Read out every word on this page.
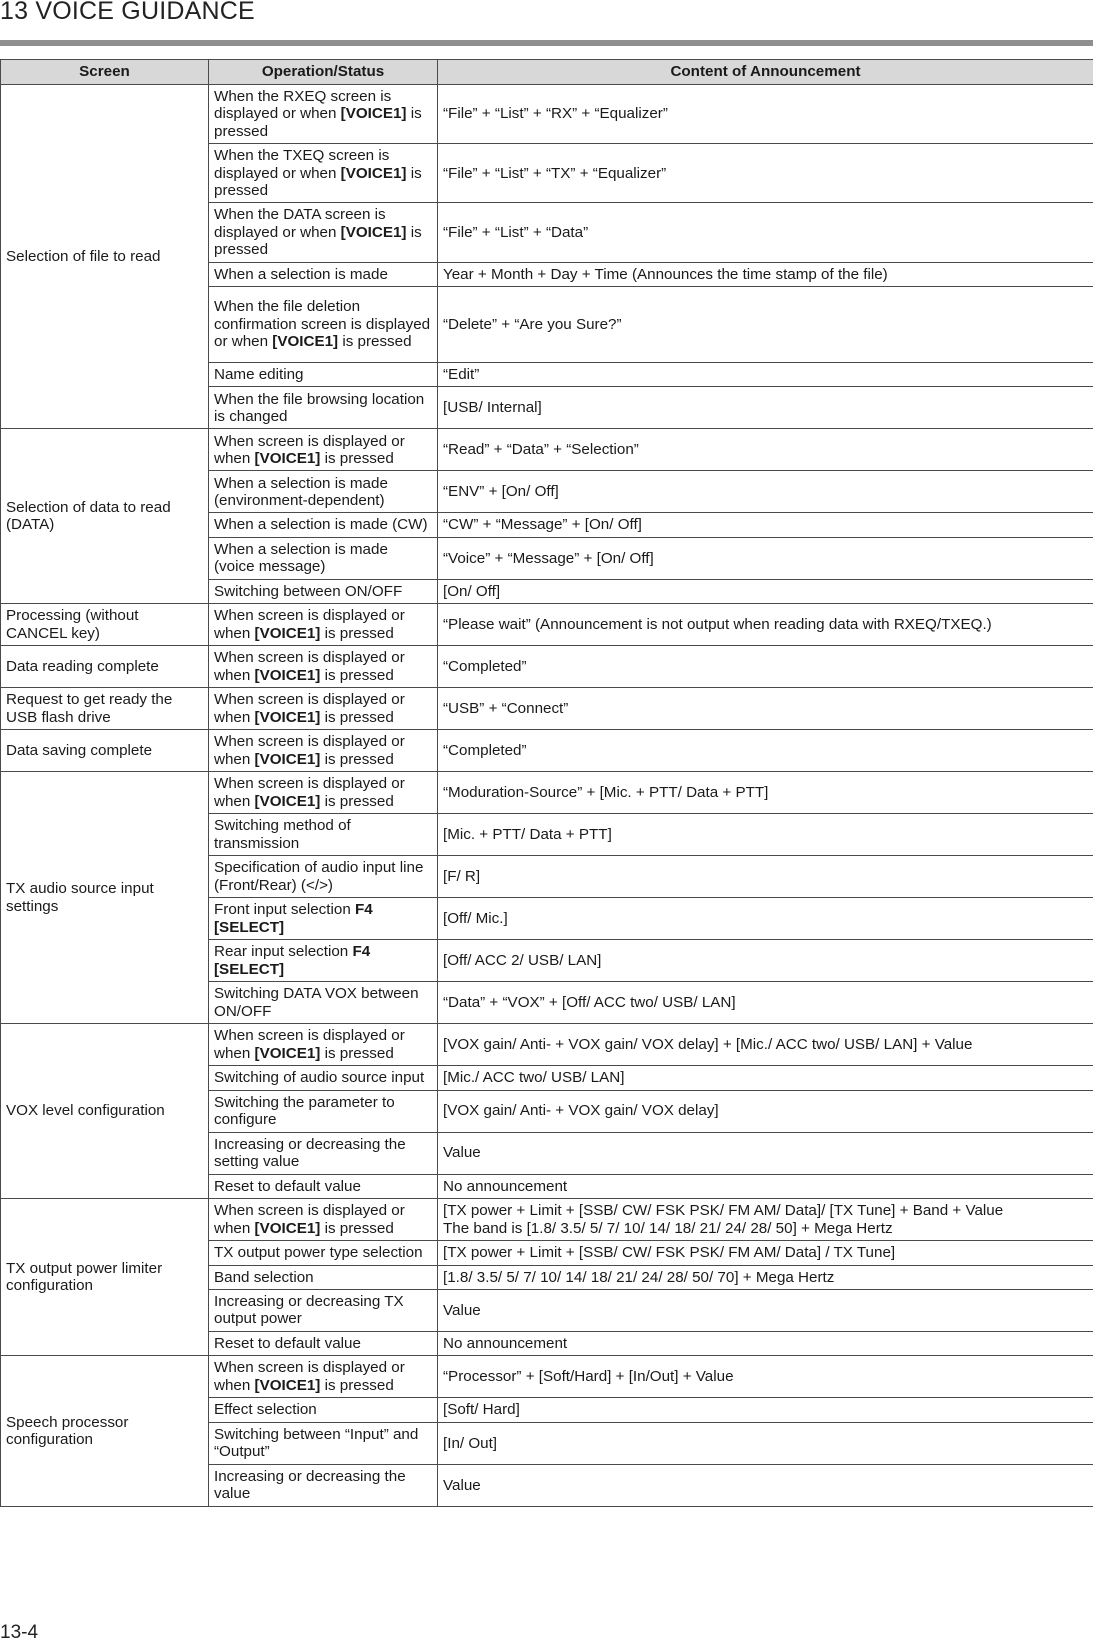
13 VOICE GUIDANCE
Screen	Operation/Status	Content of Announcement
Selection of file to read	When the RXEQ screen is displayed or when [VOICE1] is pressed	“File” + “List” + “RX” + “Equalizer”
	When the TXEQ screen is displayed or when [VOICE1] is pressed	“File” + “List” + “TX” + “Equalizer”
	When the DATA screen is displayed or when [VOICE1] is pressed	“File” + “List” + “Data”
	When a selection is made	Year + Month + Day + Time (Announces the time stamp of the file)
	When the file deletion confirmation screen is displayed or when [VOICE1] is pressed	“Delete” + “Are you Sure?”
	Name editing	“Edit”
	When the file browsing location is changed	[USB/ Internal]
Selection of data to read (DATA)	When screen is displayed or when [VOICE1] is pressed	“Read” + “Data” + “Selection”
	When a selection is made (environment-dependent)	“ENV” + [On/ Off]
	When a selection is made (CW)	“CW” + “Message” + [On/ Off]
	When a selection is made (voice message)	“Voice” + “Message” + [On/ Off]
	Switching between ON/OFF	[On/ Off]
Processing (without CANCEL key)	When screen is displayed or when [VOICE1] is pressed	“Please wait” (Announcement is not output when reading data with RXEQ/TXEQ.)
Data reading complete	When screen is displayed or when [VOICE1] is pressed	“Completed”
Request to get ready the USB flash drive	When screen is displayed or when [VOICE1] is pressed	“USB” + “Connect”
Data saving complete	When screen is displayed or when [VOICE1] is pressed	“Completed”
TX audio source input settings	When screen is displayed or when [VOICE1] is pressed	“Moduration-Source” + [Mic. + PTT/ Data + PTT]
	Switching method of transmission	[Mic. + PTT/ Data + PTT]
	Specification of audio input line (Front/Rear) (</>)	[F/ R]
	Front input selection F4 [SELECT]	[Off/ Mic.]
	Rear input selection F4 [SELECT]	[Off/ ACC 2/ USB/ LAN]
	Switching DATA VOX between ON/OFF	“Data” + “VOX” + [Off/ ACC two/ USB/ LAN]
VOX level configuration	When screen is displayed or when [VOICE1] is pressed	[VOX gain/ Anti- + VOX gain/ VOX delay] + [Mic./ ACC two/ USB/ LAN] + Value
	Switching of audio source input	[Mic./ ACC two/ USB/ LAN]
	Switching the parameter to configure	[VOX gain/ Anti- + VOX gain/ VOX delay]
	Increasing or decreasing the setting value	Value
	Reset to default value	No announcement
TX output power limiter configuration	When screen is displayed or when [VOICE1] is pressed	[TX power + Limit + [SSB/ CW/ FSK PSK/ FM AM/ Data]/ [TX Tune] + Band + Value
The band is [1.8/ 3.5/ 5/ 7/ 10/ 14/ 18/ 21/ 24/ 28/ 50] + Mega Hertz
	TX output power type selection	[TX power + Limit + [SSB/ CW/ FSK PSK/ FM AM/ Data] / TX Tune]
	Band selection	[1.8/ 3.5/ 5/ 7/ 10/ 14/ 18/ 21/ 24/ 28/ 50/ 70] + Mega Hertz
	Increasing or decreasing TX output power	Value
	Reset to default value	No announcement
Speech processor configuration	When screen is displayed or when [VOICE1] is pressed	“Processor” + [Soft/Hard] + [In/Out] + Value
	Effect selection	[Soft/ Hard]
	Switching between “Input” and “Output”	[In/ Out]
	Increasing or decreasing the value	Value
13-4
